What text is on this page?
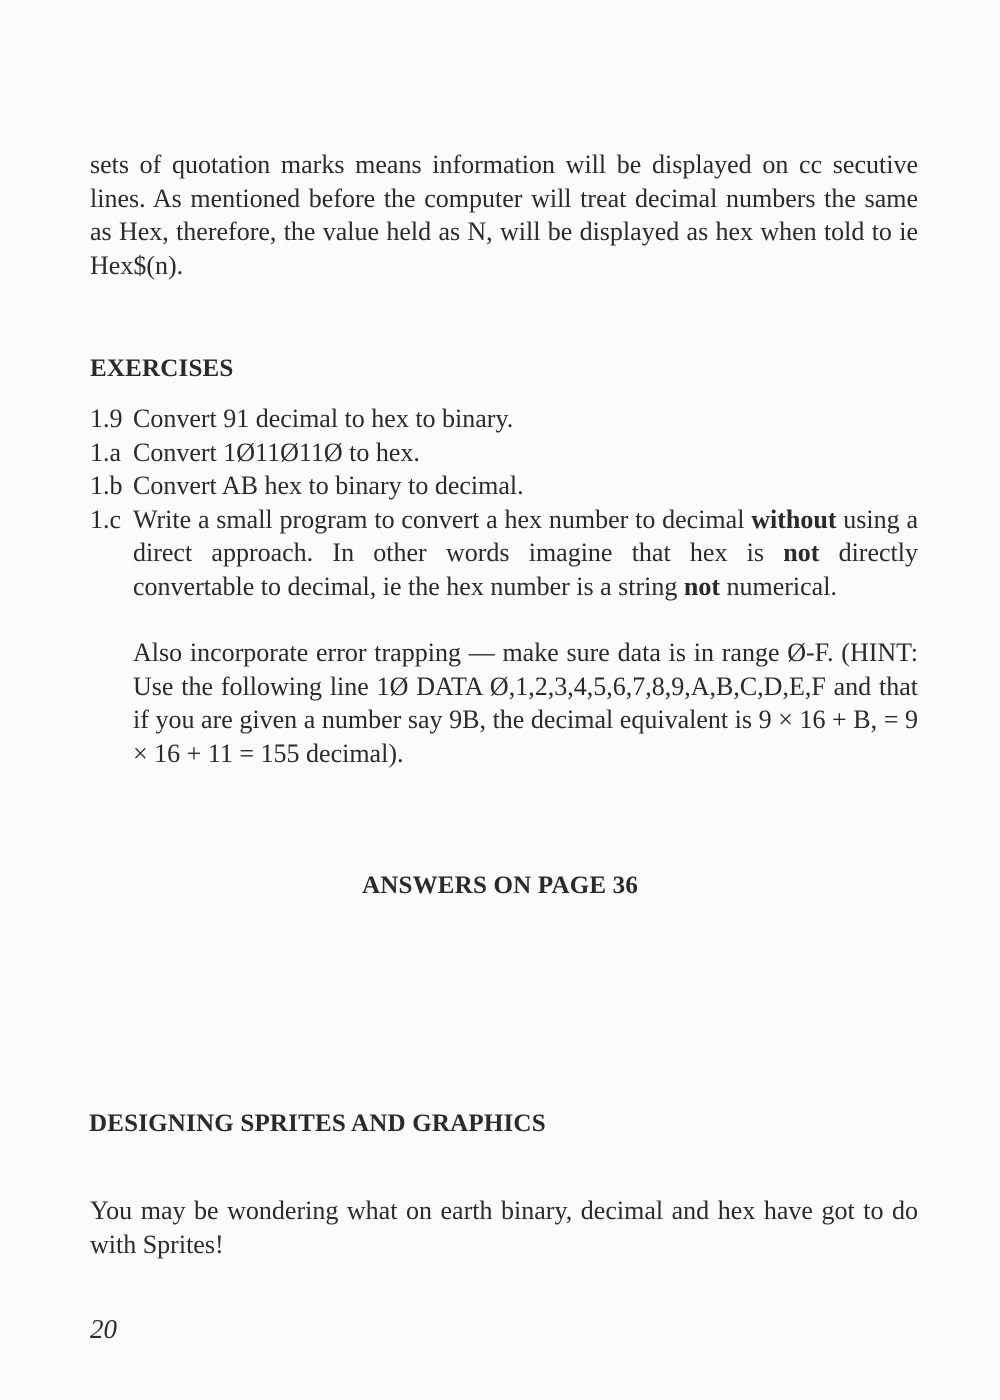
sets of quotation marks means information will be displayed on cc secutive lines. As mentioned before the computer will treat decimal numbers the same as Hex, therefore, the value held as N, will be displayed as hex when told to ie Hex$(n).

EXERCISES
1.9 Convert 91 decimal to hex to binary.

1.a Convert 1Ø11Ø11Ø to hex.

1.b Convert AB hex to binary to decimal.

1.c Write a small program to convert a hex number to decimal without using a direct approach. In other words imagine that hex is not directly convertable to decimal, ie the hex number is a string not numerical.

Also incorporate error trapping — make sure data is in range Ø-F. (HINT: Use the following line 1Ø DATA Ø,1,2,3,4,5,6,7,8,9,A,B,C,D,E,F and that if you are given a number say 9B, the decimal equivalent is 9 × 16 + B, = 9 × 16 + 11 = 155 decimal).

ANSWERS ON PAGE 36
DESIGNING SPRITES AND GRAPHICS

You may be wondering what on earth binary, decimal and hex have got to do with Sprites!

20
